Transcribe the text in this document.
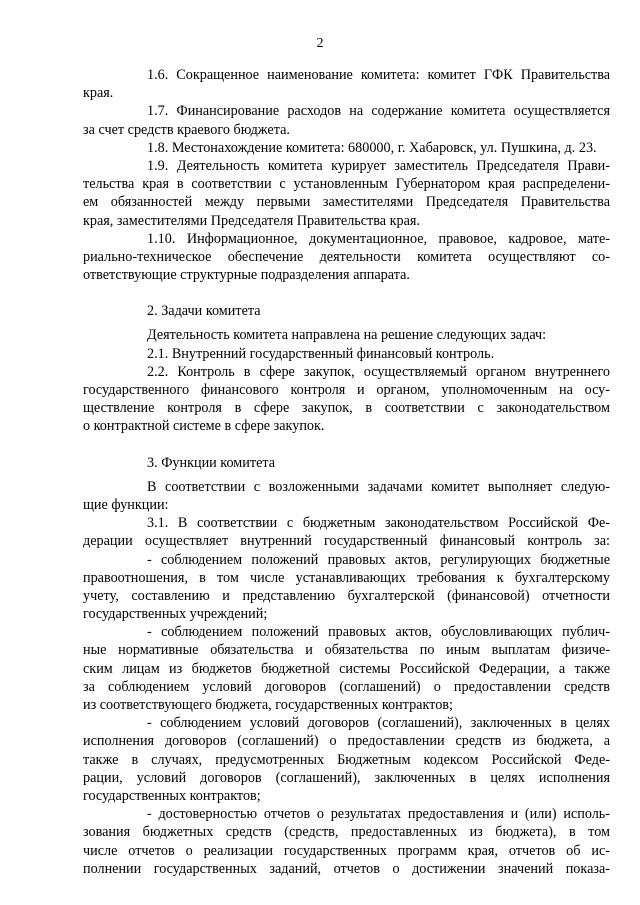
2
1.6. Сокращенное наименование комитета: комитет ГФК Правительства
края.
1.7. Финансирование расходов на содержание комитета осуществляется
за счет средств краевого бюджета.
1.8. Местонахождение комитета: 680000, г. Хабаровск, ул. Пушкина, д. 23.
1.9. Деятельность комитета курирует заместитель Председателя Прави-
тельства края в соответствии с установленным Губернатором края распределени-
ем обязанностей между первыми заместителями Председателя Правительства
края, заместителями Председателя Правительства края.
1.10. Информационное, документационное, правовое, кадровое, мате-
риально-техническое обеспечение деятельности комитета осуществляют со-
ответствующие структурные подразделения аппарата.
2. Задачи комитета
Деятельность комитета направлена на решение следующих задач:
2.1. Внутренний государственный финансовый контроль.
2.2. Контроль в сфере закупок, осуществляемый органом внутреннего
государственного финансового контроля и органом, уполномоченным на осу-
ществление контроля в сфере закупок, в соответствии с законодательством
о контрактной системе в сфере закупок.
3. Функции комитета
В соответствии с возложенными задачами комитет выполняет следую-
щие функции:
3.1. В соответствии с бюджетным законодательством Российской Фе-
дерации осуществляет внутренний государственный финансовый контроль за:
- соблюдением положений правовых актов, регулирующих бюджетные
правоотношения, в том числе устанавливающих требования к бухгалтерскому
учету, составлению и представлению бухгалтерской (финансовой) отчетности
государственных учреждений;
- соблюдением положений правовых актов, обусловливающих публич-
ные нормативные обязательства и обязательства по иным выплатам физиче-
ским лицам из бюджетов бюджетной системы Российской Федерации, а также
за соблюдением условий договоров (соглашений) о предоставлении средств
из соответствующего бюджета, государственных контрактов;
- соблюдением условий договоров (соглашений), заключенных в целях
исполнения договоров (соглашений) о предоставлении средств из бюджета, а
также в случаях, предусмотренных Бюджетным кодексом Российской Феде-
рации, условий договоров (соглашений), заключенных в целях исполнения
государственных контрактов;
- достоверностью отчетов о результатах предоставления и (или) исполь-
зования бюджетных средств (средств, предоставленных из бюджета), в том
числе отчетов о реализации государственных программ края, отчетов об ис-
полнении государственных заданий, отчетов о достижении значений показа-
